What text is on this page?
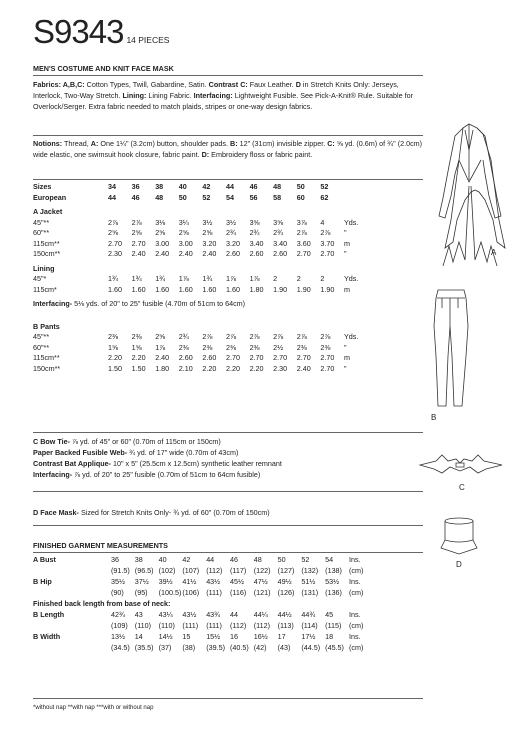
S9343 14 PIECES
MEN'S COSTUME AND KNIT FACE MASK
Fabrics: A,B,C: Cotton Types, Twill, Gabardine, Satin. Contrast C: Faux Leather. D in Stretch Knits Only: Jerseys, Interlock, Two-Way Stretch. Lining: Lining Fabric. Interfacing: Lightweight Fusible. See Pick-A-Knit® Rule. Suitable for Overlock/Serger. Extra fabric needed to match plaids, stripes or one-way design fabrics.
Notions: Thread, A: One 1¼" (3.2cm) button, shoulder pads. B: 12" (31cm) invisible zipper. C: ⅝ yd. (0.6m) of ¾" (2.0cm) wide elastic, one swimsuit hook closure, fabric paint. D: Embroidery floss or fabric paint.
Sizes	34	36	38	40	42	44	46	48	50	52	
European	44	46	48	50	52	54	56	58	60	62	

A Jacket											
45"**	2⅞	2⅞	3⅛	3¼	3½	3½	3⅝	3⅝	3⅞	4	Yds.
60"**	2⅝	2⅝	2⅝	2⅝	2⅝	2¾	2¾	2¾	2⅞	2⅞	"
115cm**	2.70	2.70	3.00	3.00	3.20	3.20	3.40	3.40	3.60	3.70	m
150cm**	2.30	2.40	2.40	2.40	2.40	2.60	2.60	2.60	2.70	2.70	"

Lining											
45"*	1¾	1¾	1¾	1⅞	1¾	1⅞	1⅞	2	2	2	Yds.
115cm*	1.60	1.60	1.60	1.60	1.60	1.60	1.80	1.90	1.90	1.90	m

Interfacing- 5⅛ yds. of 20" to 25" fusible (4.70m of 51cm to 64cm)											

B Pants											
45"**	2⅜	2⅜	2⅝	2¾	2⅞	2⅞	2⅞	2⅞	2⅞	2⅞	Yds.
60"**	1⅝	1⅝	1⅞	2⅜	2⅜	2⅜	2⅜	2½	2⅜	2⅜	"
115cm**	2.20	2.20	2.40	2.60	2.60	2.70	2.70	2.70	2.70	2.70	m
150cm**	1.50	1.50	1.80	2.10	2.20	2.20	2.20	2.30	2.40	2.70	"
C Bow Tie- ⅞ yd. of 45" or 60" (0.70m of 115cm or 150cm)
Paper Backed Fusible Web- ¾ yd. of 17" wide (0.70m of 43cm)
Contrast Bat Applique- 10" x 5" (25.5cm x 12.5cm) synthetic leather remnant
Interfacing- ⅞ yd. of 20" to 25" fusible (0.70m of 51cm to 64cm fusible)
D Face Mask- Sized for Stretch Knits Only- ¾ yd. of 60" (0.70m of 150cm)
FINISHED GARMENT MEASUREMENTS
A Bust	36	38	40	42	44	46	48	50	52	54	Ins.
	(91.5)	(96.5)	(102)	(107)	(112)	(117)	(122)	(127)	(132)	(138)	(cm)
B Hip	35½	37½	39½	41½	43½	45½	47½	49½	51½	53½	Ins.
	(90)	(95)	(100.5)	(106)	(111)	(116)	(121)	(126)	(131)	(136)	(cm)
Finished back length from base of neck:											
B Length	42¾	43	43¼	43½	43¾	44	44¼	44½	44¾	45	Ins.
	(109)	(110)	(110)	(111)	(111)	(112)	(112)	(113)	(114)	(115)	(cm)
B Width	13½	14	14½	15	15½	16	16½	17	17½	18	Ins.
	(34.5)	(35.5)	(37)	(38)	(39.5)	(40.5)	(42)	(43)	(44.5)	(45.5)	(cm)
*without nap **with nap ***with or without nap
A
B
C
D
